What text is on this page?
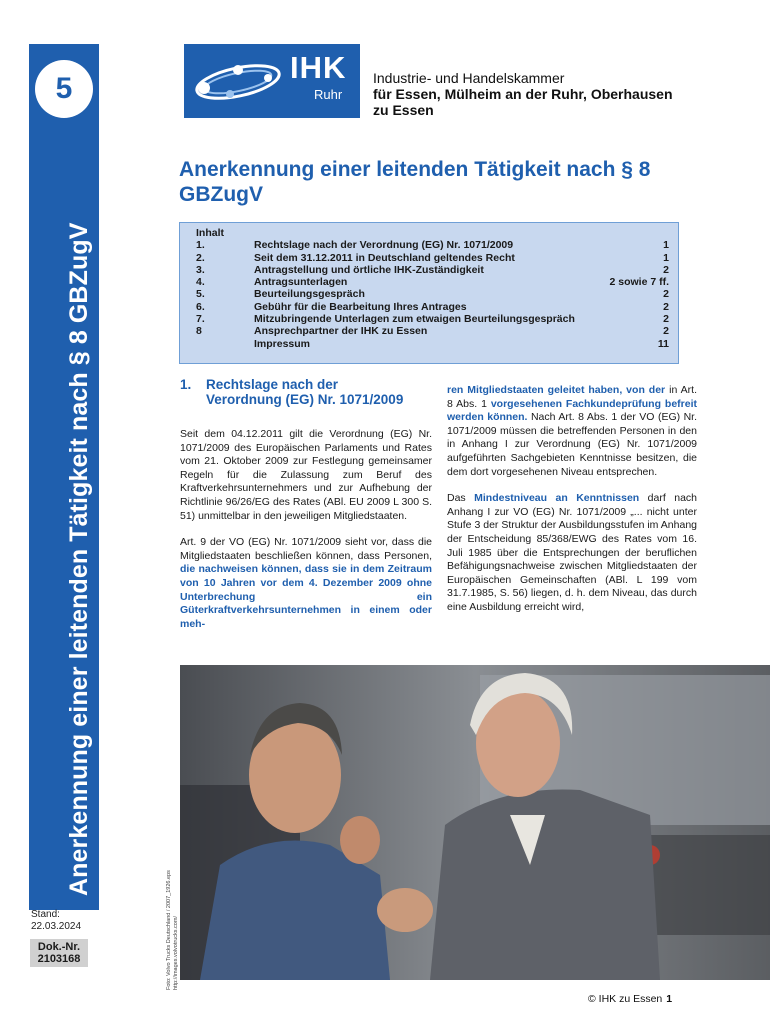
5
Anerkennung einer leitenden Tätigkeit nach § 8 GBZugV
Stand:
22.03.2024
Dok.-Nr.
2103168	Foto: Volvo Trucks Deutschland / 2007_1926.eps http://images.volvotrucks.com/
IHK
Ruhr
Industrie- und Handelskammer
für Essen, Mülheim an der Ruhr, Oberhausen
zu Essen
Anerkennung einer leitenden Tätigkeit nach § 8 GBZugV
Inhalt
1.	Rechtslage nach der Verordnung (EG) Nr. 1071/2009	1
2.	Seit dem 31.12.2011 in Deutschland geltendes Recht	1
3.	Antragstellung und örtliche IHK-Zuständigkeit	2
4.	Antragsunterlagen	2 sowie 7 ff.
5.	Beurteilungsgespräch	2
6.	Gebühr für die Bearbeitung Ihres Antrages	2
7.	Mitzubringende Unterlagen zum etwaigen Beurteilungsgespräch	2
8	Ansprechpartner der IHK zu Essen	2
Impressum	11
1. Rechtslage nach der
Verordnung (EG) Nr. 1071/2009

Seit dem 04.12.2011 gilt die Verordnung (EG) Nr. 1071/2009 des Europäischen Parlaments und Rates vom 21. Oktober 2009 zur Festlegung gemeinsamer Regeln für die Zulassung zum Beruf des Kraftverkehrsunternehmers und zur Aufhebung der Richtlinie 96/26/EG des Rates (ABl. EU 2009 L 300 S. 51) unmittelbar in den jeweiligen Mitgliedstaaten.

Art. 9 der VO (EG) Nr. 1071/2009 sieht vor, dass die Mitgliedstaaten beschließen können, dass Personen, die nachweisen können, dass sie in dem Zeitraum von 10 Jahren vor dem 4. Dezember 2009 ohne Unterbrechung ein Güterkraftverkehrsunternehmen in einem oder meh-

ren Mitgliedstaaten geleitet haben, von der in Art. 8 Abs. 1 vorgesehenen Fachkundeprüfung befreit werden können. Nach Art. 8 Abs. 1 der VO (EG) Nr. 1071/2009 müssen die betreffenden Personen in den in Anhang I zur Verordnung (EG) Nr. 1071/2009 aufgeführten Sachgebieten Kenntnisse besitzen, die dem dort vorgesehenen Niveau entsprechen.

Das Mindestniveau an Kenntnissen darf nach Anhang I zur VO (EG) Nr. 1071/2009 „... nicht unter Stufe 3 der Struktur der Ausbildungsstufen im Anhang der Entscheidung 85/368/EWG des Rates vom 16. Juli 1985 über die Entsprechungen der beruflichen Befähigungsnachweise zwischen Mitgliedstaaten der Europäischen Gemeinschaften (ABl. L 199 vom 31.7.1985, S. 56) liegen, d. h. dem Niveau, das durch eine Ausbildung erreicht wird,

© IHK zu Essen 1
